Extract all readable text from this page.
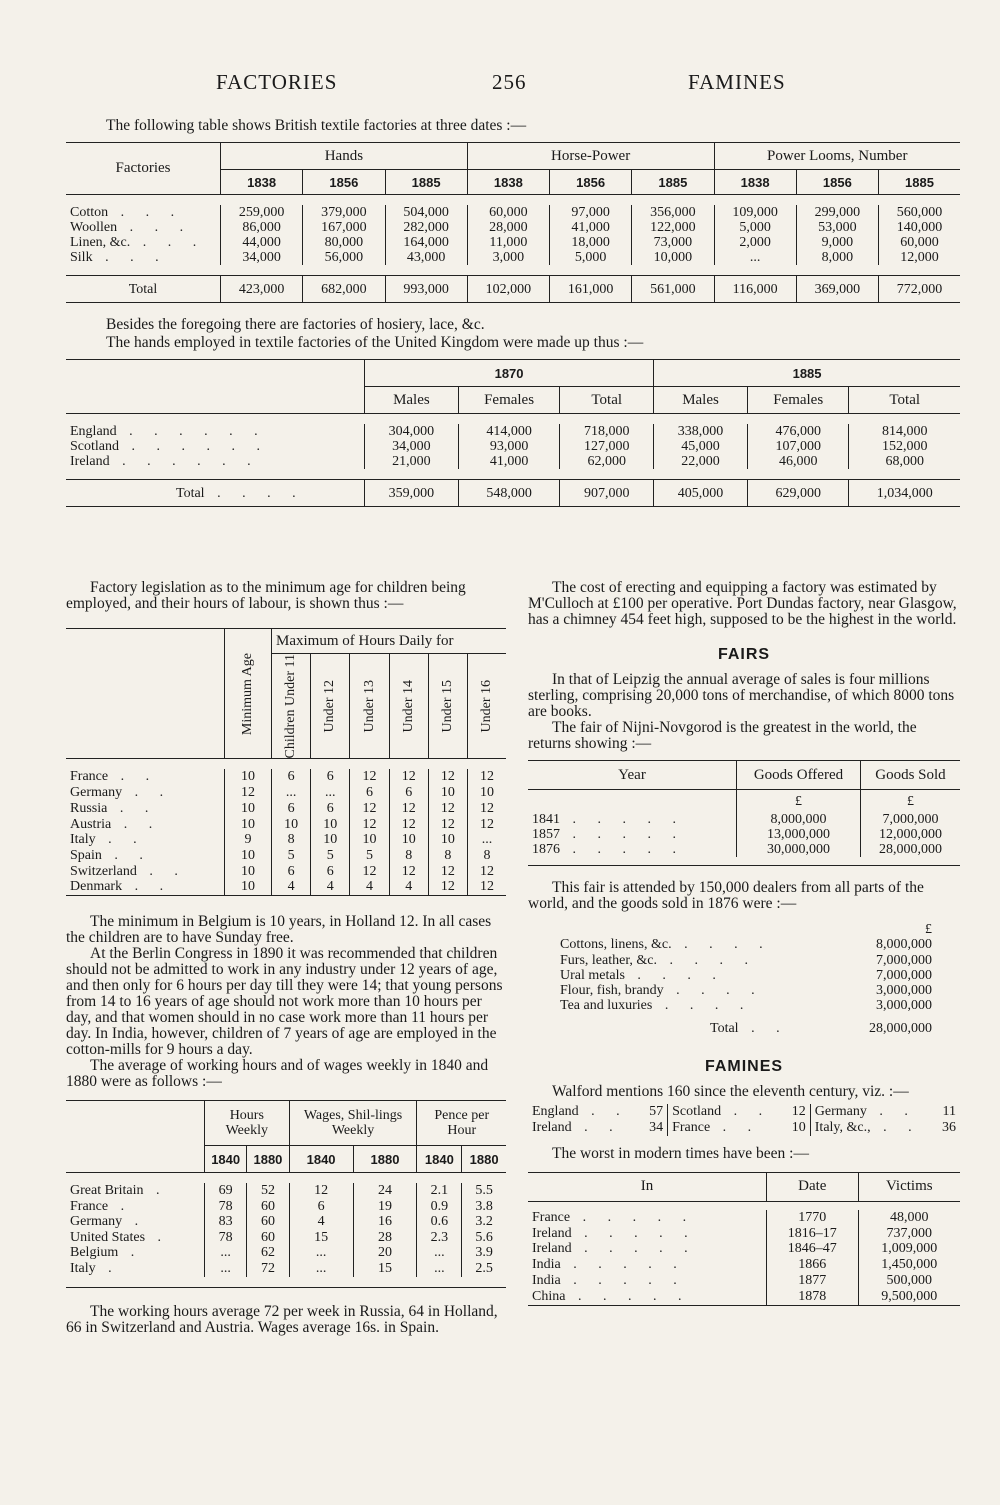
FACTORIES	256	FAMINES

The following table shows British textile factories at three dates :—

Factories	Hands			Horse-Power			Power Looms, Number		
	1838	1856	1885	1838	1856	1885	1838	1856	1885

Cotton . . .	259,000	379,000	504,000	60,000	97,000	356,000	109,000	299,000	560,000
Woollen . . .	86,000	167,000	282,000	28,000	41,000	122,000	5,000	53,000	140,000
Linen, &c. . . .	44,000	80,000	164,000	11,000	18,000	73,000	2,000	9,000	60,000
Silk . . .	34,000	56,000	43,000	3,000	5,000	10,000	...	8,000	12,000

Total	423,000	682,000	993,000	102,000	161,000	561,000	116,000	369,000	772,000

Besides the foregoing there are factories of hosiery, lace, &c.

The hands employed in textile factories of the United Kingdom were made up thus :—

	1870			1885		
	Males	Females	Total	Males	Females	Total

England . . . . . .	304,000	414,000	718,000	338,000	476,000	814,000
Scotland . . . . . .	34,000	93,000	127,000	45,000	107,000	152,000
Ireland . . . . . .	21,000	41,000	62,000	22,000	46,000	68,000

Total . . . .	359,000	548,000	907,000	405,000	629,000	1,034,000

Factory legislation as to the minimum age for children being employed, and their hours of labour, is shown thus :—

	Minimum Age	Maximum of Hours Daily for					

		Children Under 11	Under 12	Under 13	Under 14	Under 15	Under 16

France . .	10	6	6	12	12	12	12
Germany . .	12	...	...	6	6	10	10
Russia . .	10	6	6	12	12	12	12
Austria . .	10	10	10	12	12	12	12
Italy . .	9	8	10	10	10	10	...
Spain . .	10	5	5	5	8	8	8
Switzerland . .	10	6	6	12	12	12	12
Denmark . .	10	4	4	4	4	12	12

The minimum in Belgium is 10 years, in Holland 12. In all cases the children are to have Sunday free.

At the Berlin Congress in 1890 it was recommended that children should not be admitted to work in any industry under 12 years of age, and then only for 6 hours per day till they were 14; that young persons from 14 to 16 years of age should not work more than 10 hours per day, and that women should in no case work more than 11 hours per day. In India, however, children of 7 years of age are employed in the cotton-mills for 9 hours a day.

The average of working hours and of wages weekly in 1840 and 1880 were as follows :—

	Hours Weekly		Wages, Shil-lings Weekly		Pence per Hour	
	1840	1880	1840	1880	1840	1880

Great Britain .	69	52	12	24	2.1	5.5
France .	78	60	6	19	0.9	3.8
Germany .	83	60	4	16	0.6	3.2
United States .	78	60	15	28	2.3	5.6
Belgium .	...	62	...	20	...	3.9
Italy .	...	72	...	15	...	2.5

The working hours average 72 per week in Russia, 64 in Holland, 66 in Switzerland and Austria. Wages average 16s. in Spain.

The cost of erecting and equipping a factory was estimated by M'Culloch at £100 per operative. Port Dundas factory, near Glasgow, has a chimney 454 feet high, supposed to be the highest in the world.

FAIRS

In that of Leipzig the annual average of sales is four millions sterling, comprising 20,000 tons of merchandise, of which 8000 tons are books.

The fair of Nijni-Novgorod is the greatest in the world, the returns showing :—

Year	Goods Offered	Goods Sold
	£	£
1841 . . . . .	8,000,000	7,000,000
1857 . . . . .	13,000,000	12,000,000
1876 . . . . .	30,000,000	28,000,000

This fair is attended by 150,000 dealers from all parts of the world, and the goods sold in 1876 were :—

	£
Cottons, linens, &c. . . . .	8,000,000
Furs, leather, &c. . . . .	7,000,000
Ural metals . . . .	7,000,000
Flour, fish, brandy . . . .	3,000,000
Tea and luxuries . . . .	3,000,000
Total . .	28,000,000
FAMINES

Walford mentions 160 since the eleventh century, viz. :—

England . .	57	Scotland . .	12	Germany . .	11
Ireland . .	34	France . .	10	Italy, &c., . .	36

The worst in modern times have been :—

In	Date	Victims

France . . . . .	1770	48,000
Ireland . . . . .	1816–17	737,000
Ireland . . . . .	1846–47	1,009,000
India . . . . .	1866	1,450,000
India . . . . .	1877	500,000
China . . . . .	1878	9,500,000
